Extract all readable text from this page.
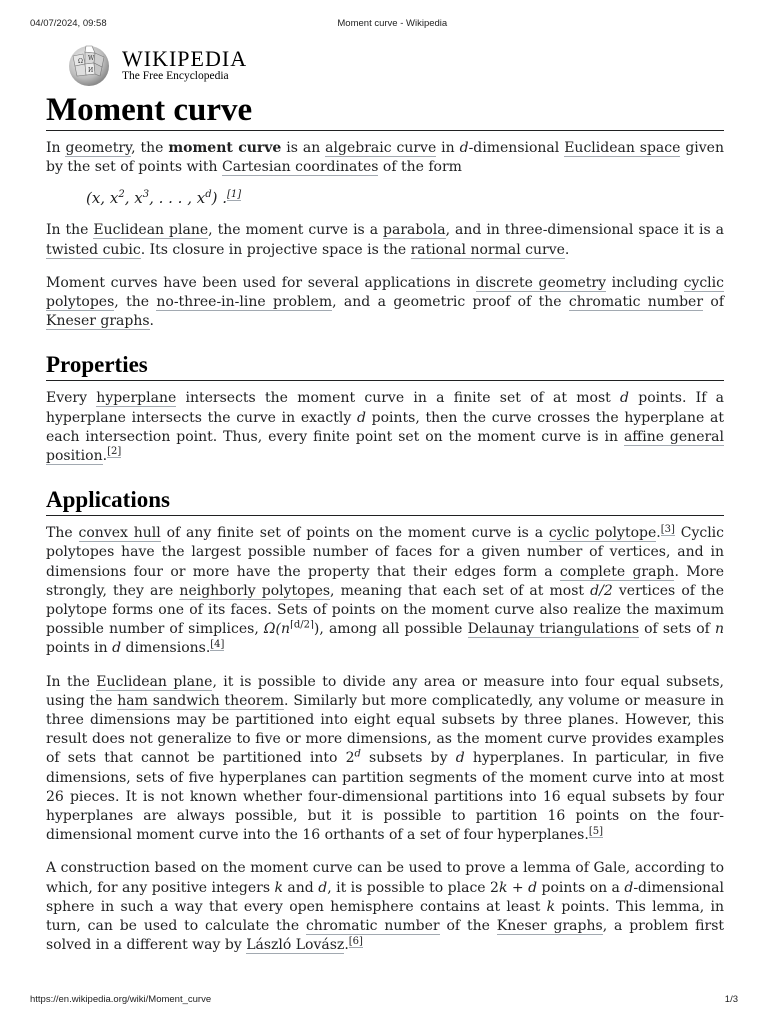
04/07/2024, 09:58	Moment curve - Wikipedia
Ω W
И WIKIPEDIA
The Free Encyclopedia
Moment curve

In geometry, the moment curve is an algebraic curve in d-dimensional Euclidean space given by the set of points with Cartesian coordinates of the form

(x, $x^2$, $x^3$, . . . , $x^d$) .[1]

In the Euclidean plane, the moment curve is a parabola, and in three-dimensional space it is a twisted cubic. Its closure in projective space is the rational normal curve.

Moment curves have been used for several applications in discrete geometry including cyclic polytopes, the no-three-in-line problem, and a geometric proof of the chromatic number of Kneser graphs.

Properties

Every hyperplane intersects the moment curve in a finite set of at most d points. If a hyperplane intersects the curve in exactly d points, then the curve crosses the hyperplane at each intersection point. Thus, every finite point set on the moment curve is in affine general position.[2]

Applications

The convex hull of any finite set of points on the moment curve is a cyclic polytope.[3] Cyclic polytopes have the largest possible number of faces for a given number of vertices, and in dimensions four or more have the property that their edges form a complete graph. More strongly, they are neighborly polytopes, meaning that each set of at most d/2 vertices of the polytope forms one of its faces. Sets of points on the moment curve also realize the maximum possible number of simplices, $\Omega(n^{⌈d/2⌉})$, among all possible Delaunay triangulations of sets of n points in d dimensions.[4]

In the Euclidean plane, it is possible to divide any area or measure into four equal subsets, using the ham sandwich theorem. Similarly but more complicatedly, any volume or measure in three dimensions may be partitioned into eight equal subsets by three planes. However, this result does not generalize to five or more dimensions, as the moment curve provides examples of sets that cannot be partitioned into 2$^d$ subsets by d hyperplanes. In particular, in five dimensions, sets of five hyperplanes can partition segments of the moment curve into at most 26 pieces. It is not known whether four-dimensional partitions into 16 equal subsets by four hyperplanes are always possible, but it is possible to partition 16 points on the four-dimensional moment curve into the 16 orthants of a set of four hyperplanes.[5]

A construction based on the moment curve can be used to prove a lemma of Gale, according to which, for any positive integers k and d, it is possible to place 2k + d points on a d-dimensional sphere in such a way that every open hemisphere contains at least k points. This lemma, in turn, can be used to calculate the chromatic number of the Kneser graphs, a problem first solved in a different way by László Lovász.[6]

https://en.wikipedia.org/wiki/Moment_curve	1/3
